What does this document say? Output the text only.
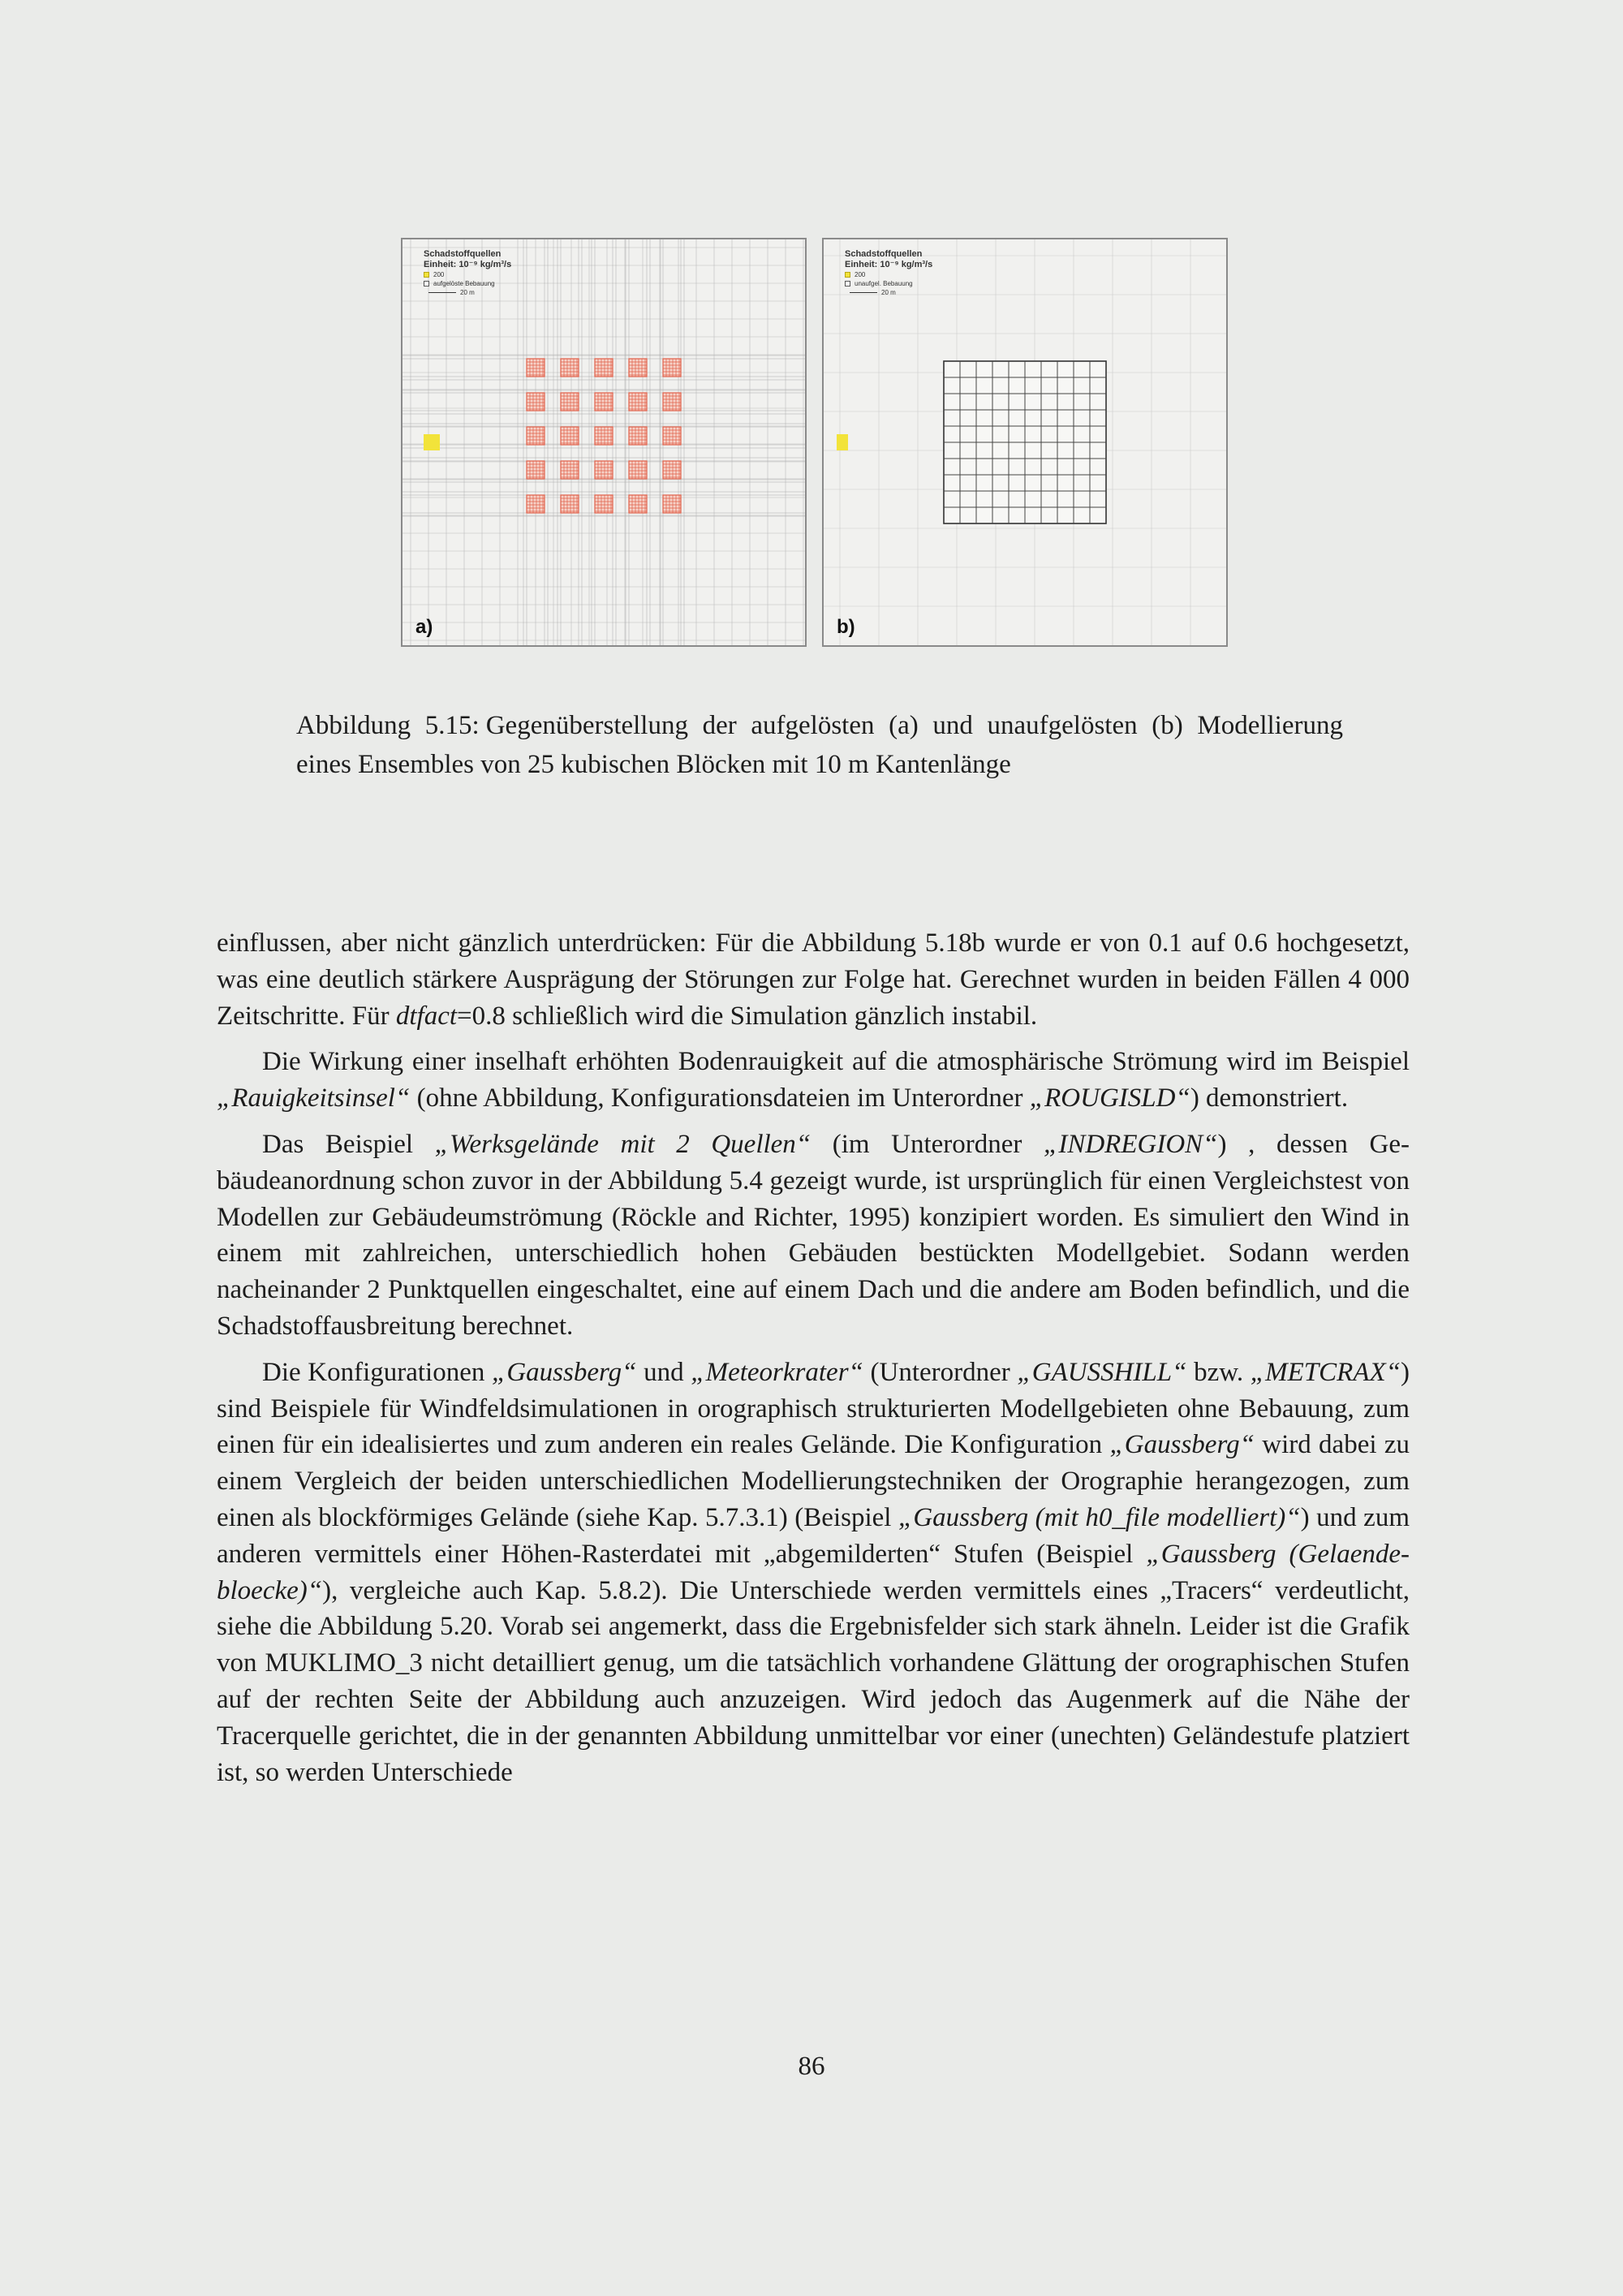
Schadstoffquellen
Einheit: 10⁻⁹ kg/m³/s
200
aufgelöste Bebauung
20 m
a)
Schadstoffquellen
Einheit: 10⁻⁹ kg/m³/s
200
unaufgel. Bebauung
20 m
b)
Abbildung 5.15: Gegenüberstellung der aufgelösten (a) und unaufgelösten (b) Modellierung eines Ensembles von 25 kubischen Blöcken mit 10 m Kantenlänge

einflussen, aber nicht gänzlich unterdrücken: Für die Abbildung 5.18b wurde er von 0.1 auf 0.6 hochgesetzt, was eine deutlich stärkere Ausprägung der Störungen zur Folge hat. Gerechnet wurden in beiden Fällen 4 000 Zeitschritte. Für dtfact=0.8 schließlich wird die Simulation gänzlich instabil.

Die Wirkung einer inselhaft erhöhten Bodenrauigkeit auf die atmosphärische Strömung wird im Beispiel „Rauigkeitsinsel“ (ohne Abbildung, Konfigurationsdateien im Unterordner „ROUGISLD“) demonstriert.

Das Beispiel „Werksgelände mit 2 Quellen“ (im Unterordner „INDREGION“) , dessen Gebäudeanordnung schon zuvor in der Abbildung 5.4 gezeigt wurde, ist ursprünglich für einen Vergleichstest von Modellen zur Gebäudeumströmung (Röckle and Richter, 1995) konzipiert worden. Es simuliert den Wind in einem mit zahlreichen, unterschiedlich hohen Gebäuden bestückten Modellgebiet. Sodann werden nacheinander 2 Punktquellen eingeschaltet, eine auf einem Dach und die andere am Boden befindlich, und die Schadstoffausbreitung berechnet.

Die Konfigurationen „Gaussberg“ und „Meteorkrater“ (Unterordner „GAUSSHILL“ bzw. „METCRAX“) sind Beispiele für Windfeldsimulationen in orographisch strukturierten Modellgebieten ohne Bebauung, zum einen für ein idealisiertes und zum anderen ein reales Gelände. Die Konfiguration „Gaussberg“ wird dabei zu einem Vergleich der beiden unterschiedlichen Modellierungstechniken der Orographie herangezogen, zum einen als blockförmiges Gelände (siehe Kap. 5.7.3.1) (Beispiel „Gaussberg (mit h0_file modelliert)“) und zum anderen vermittels einer Höhen-Rasterdatei mit „abgemilderten“ Stufen (Beispiel „Gaussberg (Gelaendebloecke)“), vergleiche auch Kap. 5.8.2). Die Unterschiede werden vermittels eines „Tracers“ verdeutlicht, siehe die Abbildung 5.20. Vorab sei angemerkt, dass die Ergebnisfelder sich stark ähneln. Leider ist die Grafik von MUKLIMO_3 nicht detailliert genug, um die tatsächlich vorhandene Glättung der orographischen Stufen auf der rechten Seite der Abbildung auch anzuzeigen. Wird jedoch das Augenmerk auf die Nähe der Tracerquelle gerichtet, die in der genannten Abbildung unmittelbar vor einer (unechten) Geländestufe platziert ist, so werden Unterschiede

86
